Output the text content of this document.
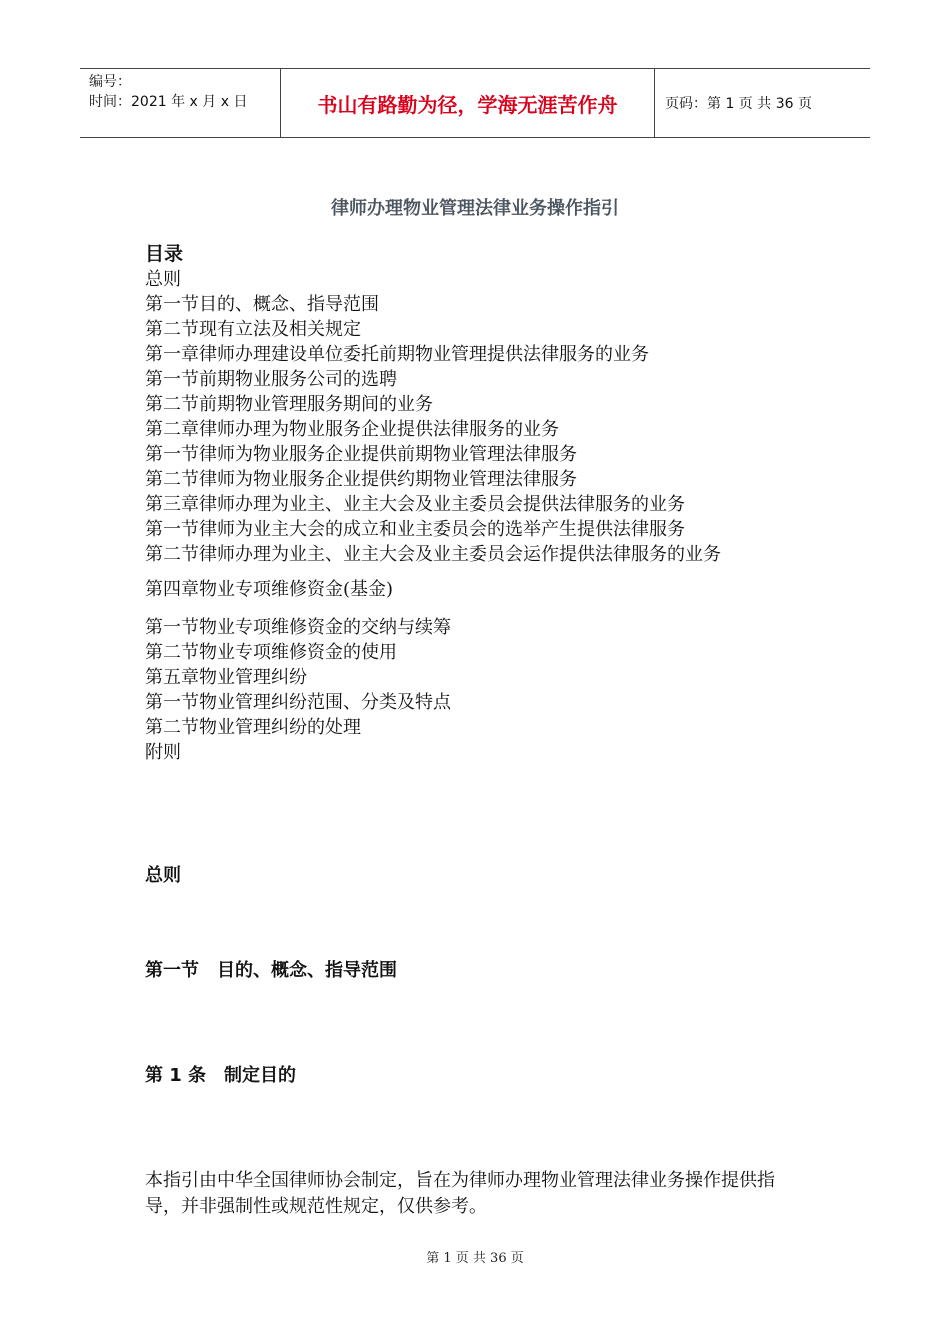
编号：
时间：2021 年 x 月 x 日	书山有路勤为径，学海无涯苦作舟	页码：第 1 页 共 36 页
律师办理物业管理法律业务操作指引
目录
总则
第一节目的、概念、指导范围
第二节现有立法及相关规定
第一章律师办理建设单位委托前期物业管理提供法律服务的业务
第一节前期物业服务公司的选聘
第二节前期物业管理服务期间的业务
第二章律师办理为物业服务企业提供法律服务的业务
第一节律师为物业服务企业提供前期物业管理法律服务
第二节律师为物业服务企业提供约期物业管理法律服务
第三章律师办理为业主、业主大会及业主委员会提供法律服务的业务
第一节律师为业主大会的成立和业主委员会的选举产生提供法律服务
第二节律师办理为业主、业主大会及业主委员会运作提供法律服务的业务
第四章物业专项维修资金(基金)
第一节物业专项维修资金的交纳与续筹
第二节物业专项维修资金的使用
第五章物业管理纠纷
第一节物业管理纠纷范围、分类及特点
第二节物业管理纠纷的处理
附则
总则
第一节　目的、概念、指导范围
第 1 条　制定目的
本指引由中华全国律师协会制定，旨在为律师办理物业管理法律业务操作提供指导，并非强制性或规范性规定，仅供参考。
第 1 页 共 36 页
